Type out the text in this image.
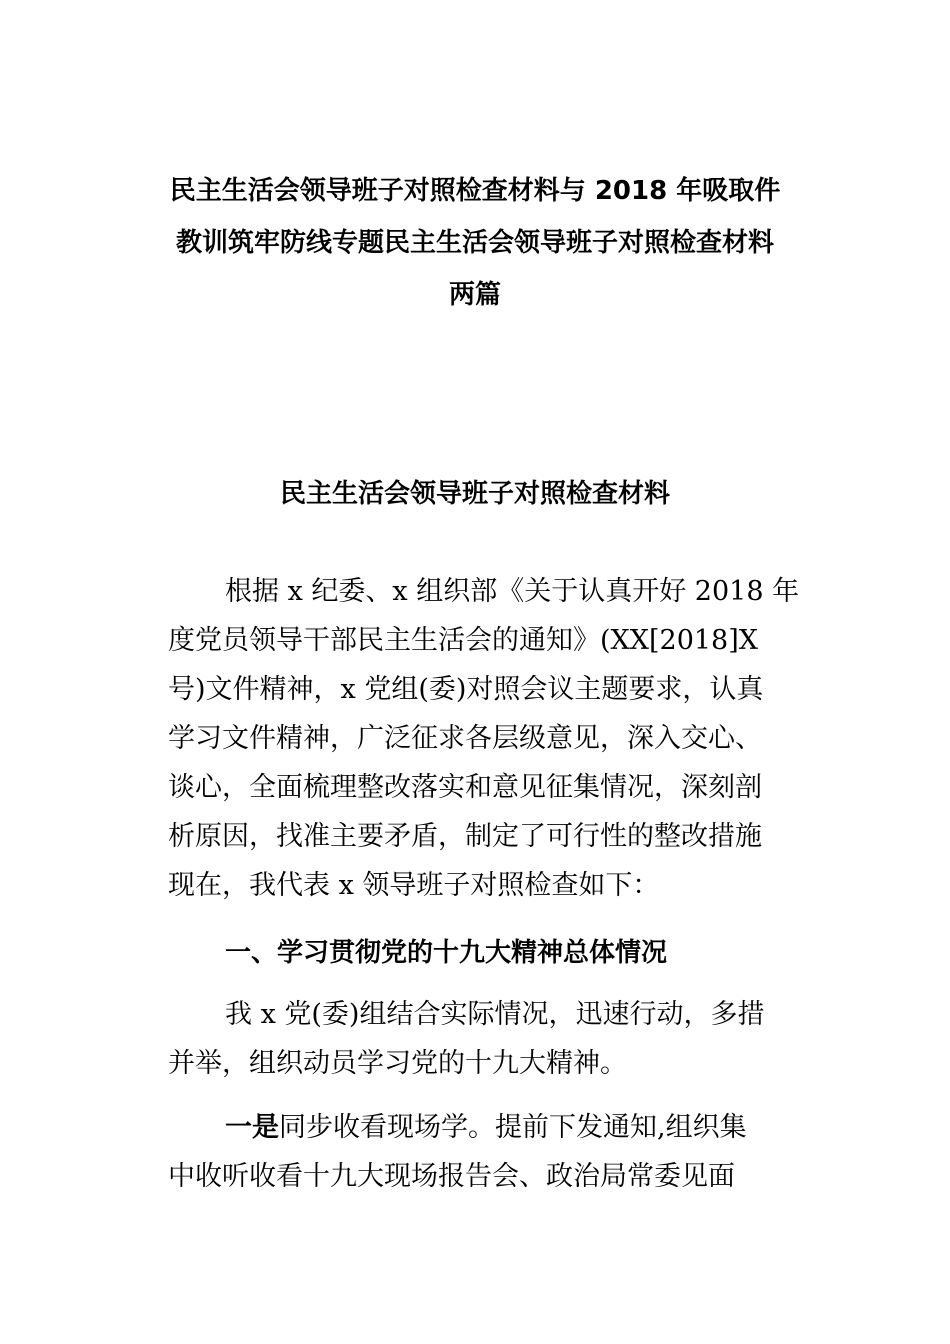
民主生活会领导班子对照检查材料与 2018 年吸取件
教训筑牢防线专题民主生活会领导班子对照检查材料
两篇
民主生活会领导班子对照检查材料
根据 x 纪委、x 组织部《关于认真开好 2018 年
度党员领导干部民主生活会的通知》(XX[2018]X
号)文件精神，x 党组(委)对照会议主题要求，认真
学习文件精神，广泛征求各层级意见，深入交心、
谈心，全面梳理整改落实和意见征集情况，深刻剖
析原因，找准主要矛盾，制定了可行性的整改措施
现在，我代表 x 领导班子对照检查如下：
一、学习贯彻党的十九大精神总体情况
我 x 党(委)组结合实际情况，迅速行动，多措
并举，组织动员学习党的十九大精神。
一是同步收看现场学。提前下发通知,组织集
中收听收看十九大现场报告会、政治局常委见面
